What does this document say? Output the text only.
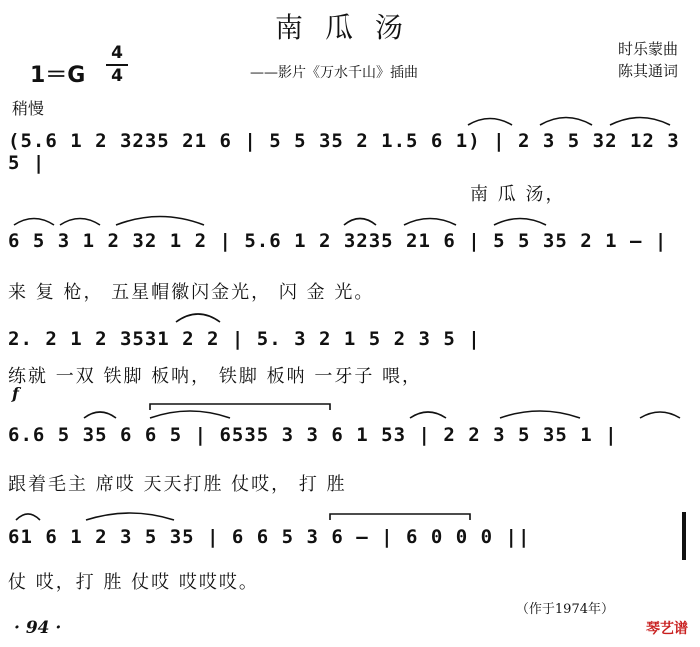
南瓜汤
1＝G
4
4	——影片《万水千山》插曲
时乐蒙曲
陈其通词
稍慢
f
(5.6 1 2 3235 21 6 | 5 5 35 2 1.5 6 1) | 2 3 5 32 12 3 5 |
南 瓜 汤，
6 5 3 1 2 32 1 2 | 5.6 1 2 3235 21 6 | 5 5 35 2 1 – |
来 复 枪， 五星帽徽闪金光， 闪 金 光。
2. 2 1 2 3531 2 2 | 5. 3 2 1 5 2 3 5 |
练就 一双 铁脚 板呐， 铁脚 板呐 一牙子 喂，
6.6 5 35 6 6 5 | 6535 3 3 6 1 53 | 2 2 3 5 35 1 |
跟着毛主 席哎 天天打胜 仗哎， 打 胜
61 6 1 2 3 5 35 | 6 6 5 3 6 – | 6 0 0 0 ||
仗 哎，打 胜 仗哎 哎哎哎。
（作于1974年）
· 94 ·	琴艺谱
